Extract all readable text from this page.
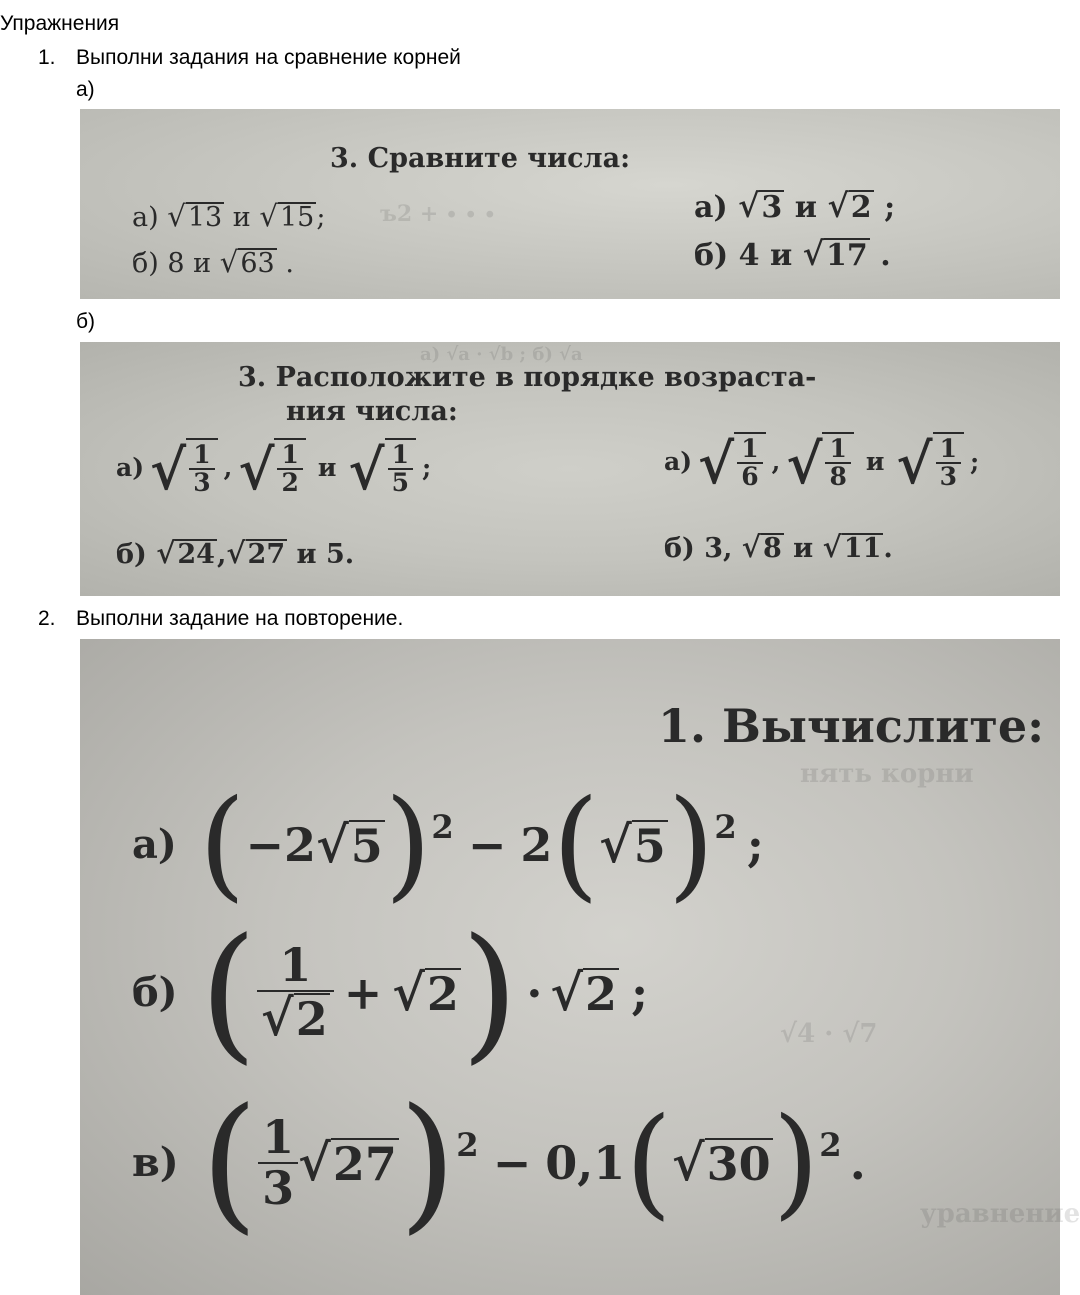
Упражнения
1. Выполни задания на сравнение корней
а)
ъ2 + ∙ ∙ ∙
3. Сравните числа:
а) √13 и √15;
б) 8 и √63 .
а) √3 и √2 ;
б) 4 и √17 .
б)
а) √а · √b ; б) √а
3. Расположите в порядке возраста-
ния числа:
а) √ $\frac{1}{3}$ , √ $\frac{1}{2}$ и √ $\frac{1}{5}$ ;
б) √24,√27 и 5.
а) √ $\frac{1}{6}$ , √ $\frac{1}{8}$ и √ $\frac{1}{3}$ ;
б) 3, √8 и √11.
2. Выполни задание на повторение.
нять корни
√4 · √7
уравнение
1. Вычислите:
а) ( −2 √5 ) 2 − 2 ( √5 ) 2 ;
б) ( $\frac{1}{√2} + √2$ ) · √2 ;
в) ( $\frac{1}{3} √27$ ) 2 − 0,1 ( √30 ) 2 .
